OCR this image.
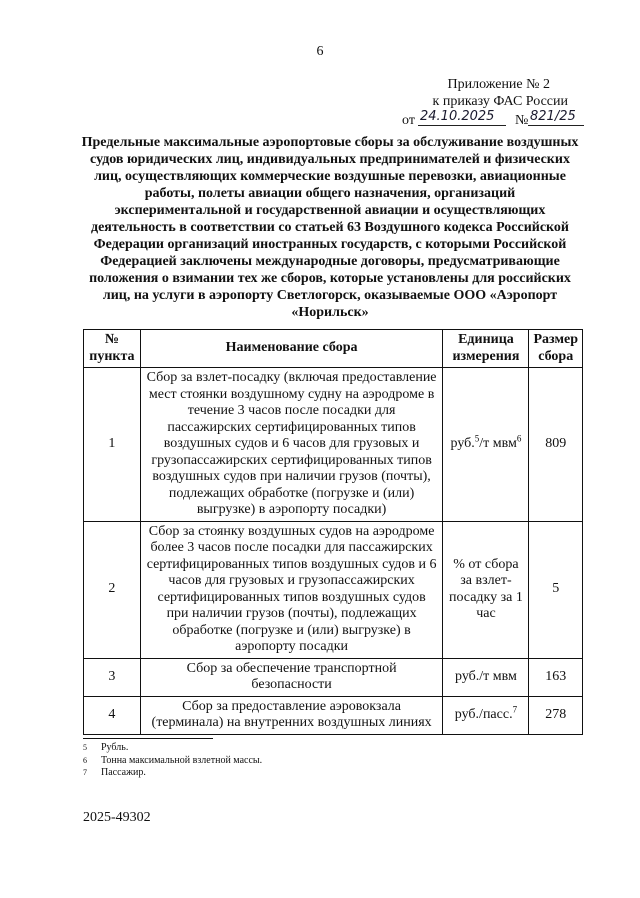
6
Приложение № 2
к приказу ФАС России
от 24.10.2025 № 821/25
Предельные максимальные аэропортовые сборы за обслуживание воздушных судов юридических лиц, индивидуальных предпринимателей и физических лиц, осуществляющих коммерческие воздушные перевозки, авиационные работы, полеты авиации общего назначения, организаций экспериментальной и государственной авиации и осуществляющих деятельность в соответствии со статьей 63 Воздушного кодекса Российской Федерации организаций иностранных государств, с которыми Российской Федерацией заключены международные договоры, предусматривающие положения о взимании тех же сборов, которые установлены для российских лиц, на услуги в аэропорту Светлогорск, оказываемые ООО «Аэропорт «Норильск»
№ пункта	Наименование сбора	Единица измерения	Размер сбора
1	Сбор за взлет-посадку (включая предоставление мест стоянки воздушному судну на аэродроме в течение 3 часов после посадки для пассажирских сертифицированных типов воздушных судов и 6 часов для грузовых и грузопассажирских сертифицированных типов воздушных судов при наличии грузов (почты), подлежащих обработке (погрузке и (или) выгрузке) в аэропорту посадки)	руб.$^5$/т мвм$^6$	809
2	Сбор за стоянку воздушных судов на аэродроме более 3 часов после посадки для пассажирских сертифицированных типов воздушных судов и 6 часов для грузовых и грузопассажирских сертифицированных типов воздушных судов при наличии грузов (почты), подлежащих обработке (погрузке и (или) выгрузке) в аэропорту посадки	% от сбора за взлет-посадку за 1 час	5
3	Сбор за обеспечение транспортной безопасности	руб./т мвм	163
4	Сбор за предоставление аэровокзала (терминала) на внутренних воздушных линиях	руб./пасс.$^7$	278
5	Рубль.
6	Тонна максимальной взлетной массы.
7	Пассажир.
2025-49302
